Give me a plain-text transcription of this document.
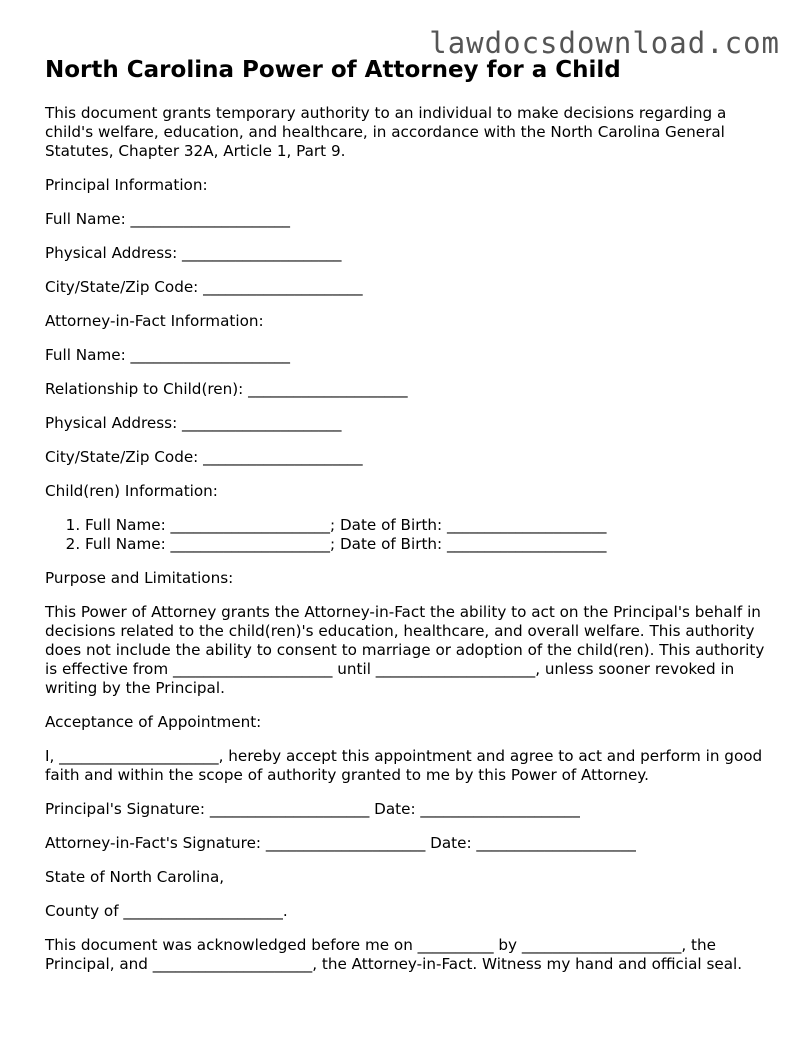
lawdocsdownload.com
North Carolina Power of Attorney for a Child

This document grants temporary authority to an individual to make decisions regarding a child's welfare, education, and healthcare, in accordance with the North Carolina General Statutes, Chapter 32A, Article 1, Part 9.

Principal Information:

Full Name: _____________________

Physical Address: _____________________

City/State/Zip Code: _____________________

Attorney-in-Fact Information:

Full Name: _____________________

Relationship to Child(ren): _____________________

Physical Address: _____________________

City/State/Zip Code: _____________________

Child(ren) Information:

1. Full Name: _____________________; Date of Birth: _____________________
2. Full Name: _____________________; Date of Birth: _____________________

Purpose and Limitations:

This Power of Attorney grants the Attorney-in-Fact the ability to act on the Principal's behalf in decisions related to the child(ren)'s education, healthcare, and overall welfare. This authority does not include the ability to consent to marriage or adoption of the child(ren). This authority is effective from _____________________ until _____________________, unless sooner revoked in writing by the Principal.

Acceptance of Appointment:

I, _____________________, hereby accept this appointment and agree to act and perform in good faith and within the scope of authority granted to me by this Power of Attorney.

Principal's Signature: _____________________ Date: _____________________

Attorney-in-Fact's Signature: _____________________ Date: _____________________

State of North Carolina,

County of _____________________.

This document was acknowledged before me on __________ by _____________________, the Principal, and _____________________, the Attorney-in-Fact. Witness my hand and official seal.
